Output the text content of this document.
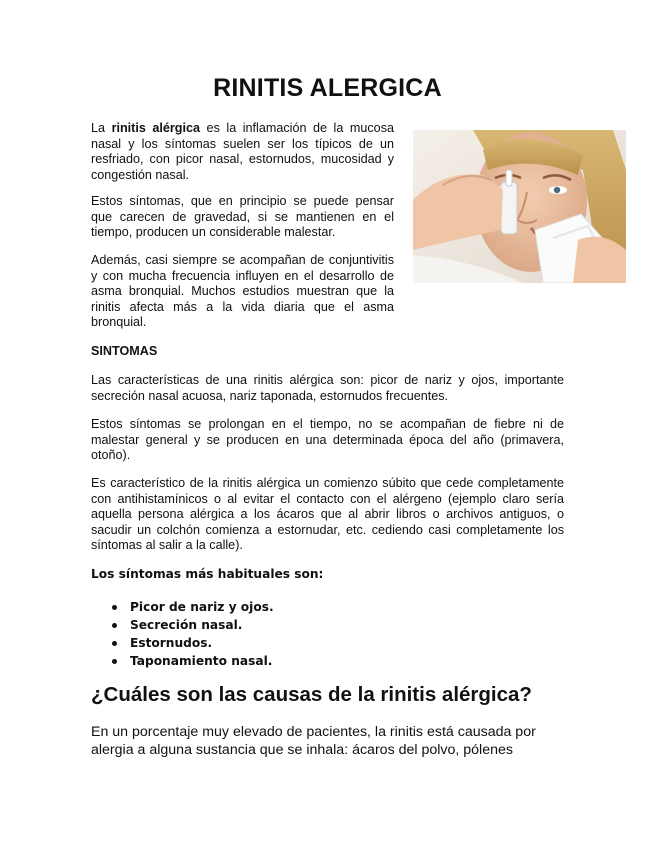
RINITIS ALERGICA
La rinitis alérgica es la inflamación de la mucosa nasal y los síntomas suelen ser los típicos de un resfriado, con picor nasal, estornudos, mucosidad y congestión nasal.
Estos síntomas, que en principio se puede pensar que carecen de gravedad, si se mantienen en el tiempo, producen un considerable malestar.
Además, casi siempre se acompañan de conjuntivitis y con mucha frecuencia influyen en el desarrollo de asma bronquial. Muchos estudios muestran que la rinitis afecta más a la vida diaria que el asma bronquial.
SINTOMAS
Las características de una rinitis alérgica son: picor de nariz y ojos, importante secreción nasal acuosa, nariz taponada, estornudos frecuentes.
Estos síntomas se prolongan en el tiempo, no se acompañan de fiebre ni de malestar general y se producen en una determinada época del año (primavera, otoño).
Es característico de la rinitis alérgica un comienzo súbito que cede completamente con antihistamínicos o al evitar el contacto con el alérgeno (ejemplo claro sería aquella persona alérgica a los ácaros que al abrir libros o archivos antiguos, o sacudir un colchón comienza a estornudar, etc. cediendo casi completamente los síntomas al salir a la calle).
Los síntomas más habituales son:
Picor de nariz y ojos.
Secreción nasal.
Estornudos.
Taponamiento nasal.
¿Cuáles son las causas de la rinitis alérgica?
En un porcentaje muy elevado de pacientes, la rinitis está causada por alergia a alguna sustancia que se inhala: ácaros del polvo, pólenes
